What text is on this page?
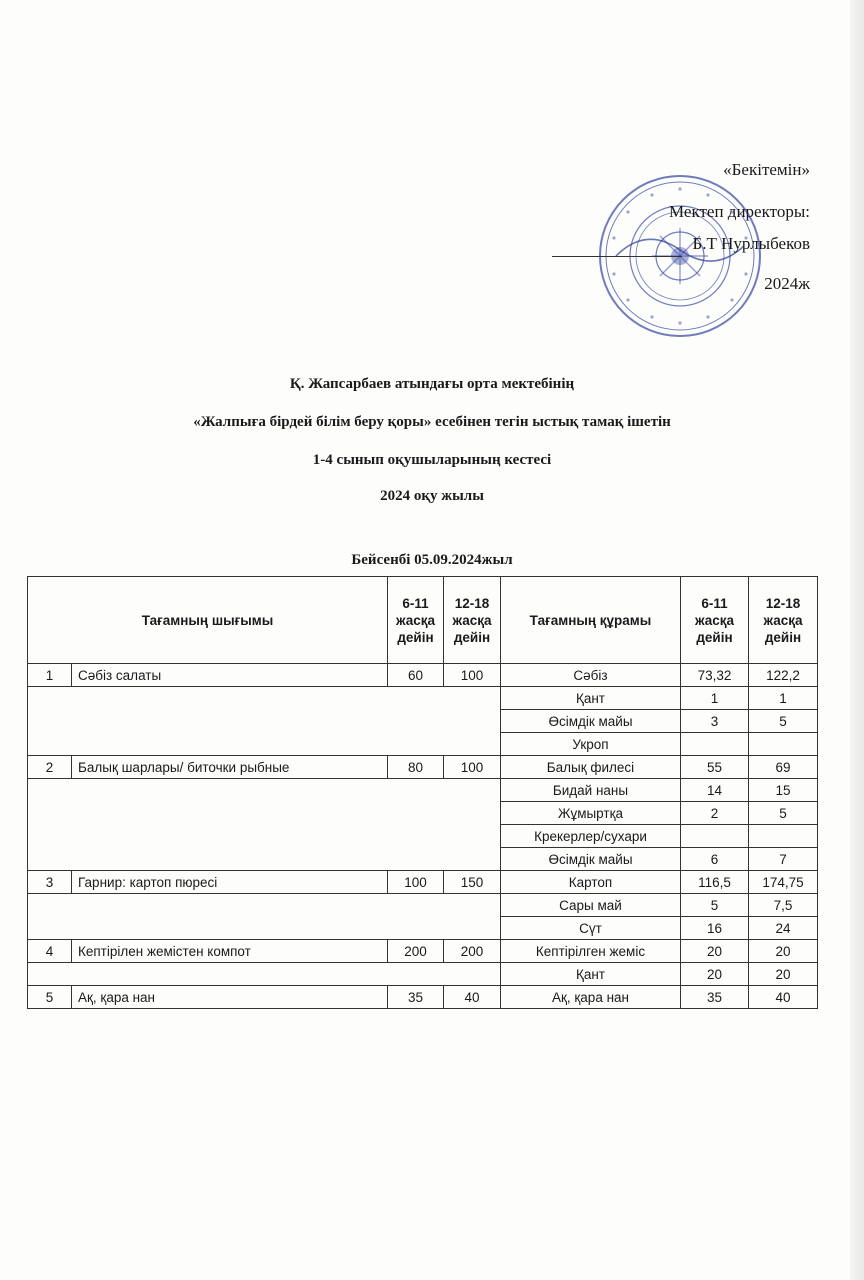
«Бекітемін»
Мектеп директоры:
Б.Т Нурлыбеков
2024ж
Қ. Жапсарбаев атындағы орта мектебінің
«Жалпыға бірдей білім беру қоры» есебінен тегін ыстық тамақ ішетін
1-4 сынып оқушыларының кестесі
2024 оқу жылы
Бейсенбі 05.09.2024жыл
Тағамның шығымы		6-11 жасқа дейін	12-18 жасқа дейін	Тағамның құрамы	6-11 жасқа дейін	12-18 жасқа дейін
1	Сәбіз салаты	60	100	Сәбіз	73,32	122,2
				Қант	1	1
				Өсімдік майы	3	5
				Укроп		
2	Балық шарлары/ биточки рыбные	80	100	Балық филесі	55	69
				Бидай наны	14	15
				Жұмыртқа	2	5
				Крекерлер/сухари		
				Өсімдік майы	6	7
3	Гарнир: картоп пюресі	100	150	Картоп	116,5	174,75
				Сары май	5	7,5
				Сүт	16	24
4	Кептірілен жемістен компот	200	200	Кептірілген жеміс	20	20
				Қант	20	20
5	Ақ, қара нан	35	40	Ақ, қара нан	35	40
